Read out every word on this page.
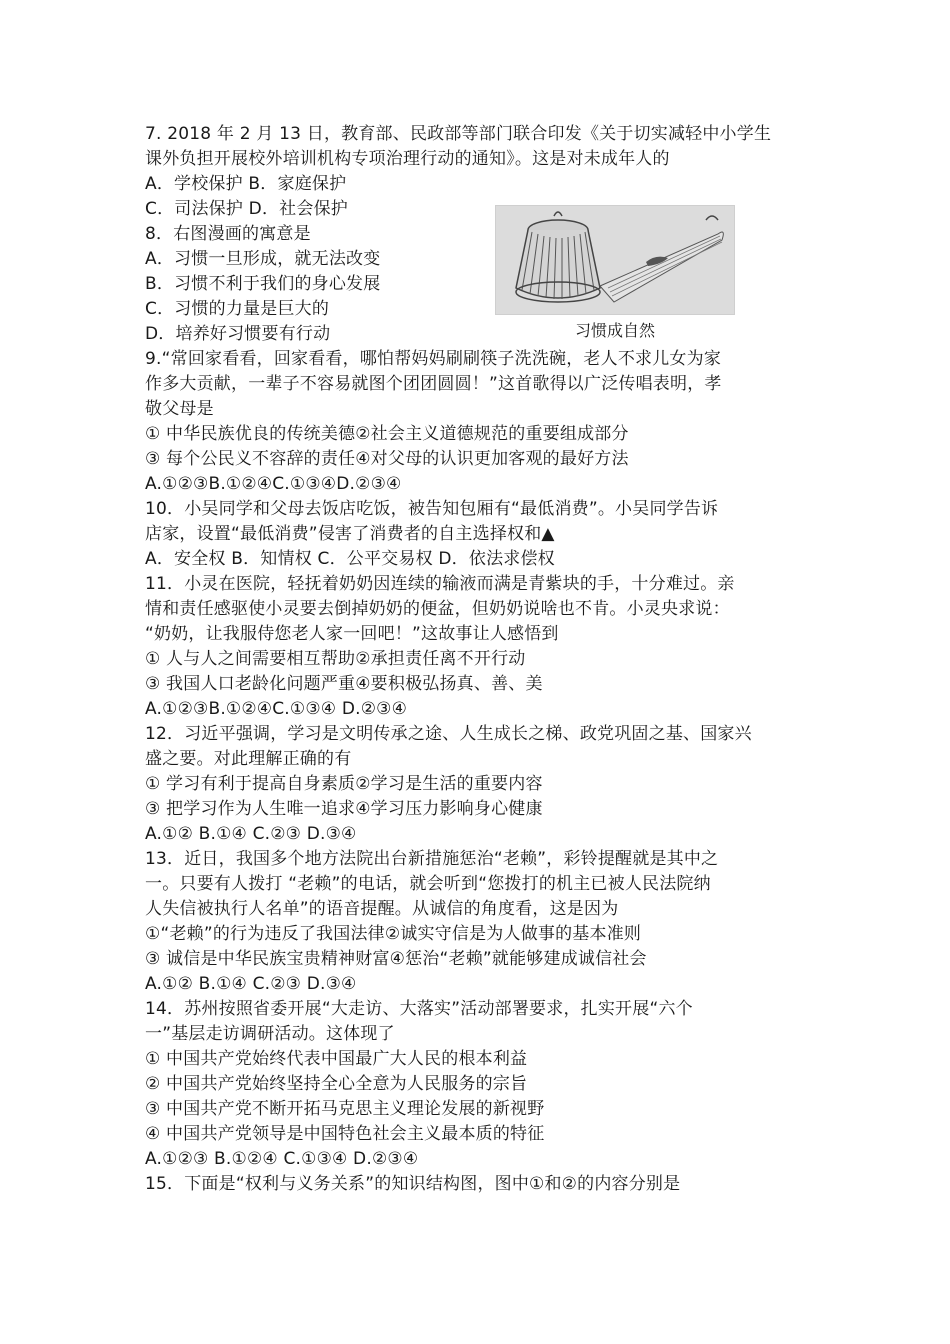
7. 2018 年 2 月 13 日，教育部、民政部等部门联合印发《关于切实减轻中小学生
课外负担开展校外培训机构专项治理行动的通知》。这是对未成年人的
A．学校保护 B．家庭保护
C．司法保护 D．社会保护
8．右图漫画的寓意是
A．习惯一旦形成，就无法改变
B．习惯不利于我们的身心发展
C．习惯的力量是巨大的
D．培养好习惯要有行动
9.“常回家看看，回家看看，哪怕帮妈妈刷刷筷子洗洗碗，老人不求儿女为家
作多大贡献，一辈子不容易就图个团团圆圆！”这首歌得以广泛传唱表明，孝
敬父母是
① 中华民族优良的传统美德②社会主义道德规范的重要组成部分
③ 每个公民义不容辞的责任④对父母的认识更加客观的最好方法
A.①②③B.①②④C.①③④D.②③④
10．小吴同学和父母去饭店吃饭，被告知包厢有“最低消费”。小吴同学告诉
店家，设置“最低消费”侵害了消费者的自主选择权和▲
A．安全权 B．知情权 C．公平交易权 D．依法求偿权
11．小灵在医院，轻抚着奶奶因连续的输液而满是青紫块的手，十分难过。亲
情和责任感驱使小灵要去倒掉奶奶的便盆，但奶奶说啥也不肯。小灵央求说：
“奶奶，让我服侍您老人家一回吧！”这故事让人感悟到
① 人与人之间需要相互帮助②承担责任离不开行动
③ 我国人口老龄化问题严重④要积极弘扬真、善、美
A.①②③B.①②④C.①③④ D.②③④
12．习近平强调，学习是文明传承之途、人生成长之梯、政党巩固之基、国家兴
盛之要。对此理解正确的有
① 学习有利于提高自身素质②学习是生活的重要内容
③ 把学习作为人生唯一追求④学习压力影响身心健康
A.①② B.①④ C.②③ D.③④
13．近日，我国多个地方法院出台新措施惩治“老赖”，彩铃提醒就是其中之
一。只要有人拨打 “老赖”的电话，就会听到“您拨打的机主已被人民法院纳
人失信被执行人名单”的语音提醒。从诚信的角度看，这是因为
①“老赖”的行为违反了我国法律②诚实守信是为人做事的基本准则
③ 诚信是中华民族宝贵精神财富④惩治“老赖”就能够建成诚信社会
A.①② B.①④ C.②③ D.③④
14．苏州按照省委开展“大走访、大落实”活动部署要求，扎实开展“六个
一”基层走访调研活动。这体现了
① 中国共产党始终代表中国最广大人民的根本利益
② 中国共产党始终坚持全心全意为人民服务的宗旨
③ 中国共产党不断开拓马克思主义理论发展的新视野
④ 中国共产党领导是中国特色社会主义最本质的特征
A.①②③ B.①②④ C.①③④ D.②③④
15．下面是“权利与义务关系”的知识结构图，图中①和②的内容分别是
习惯成自然
